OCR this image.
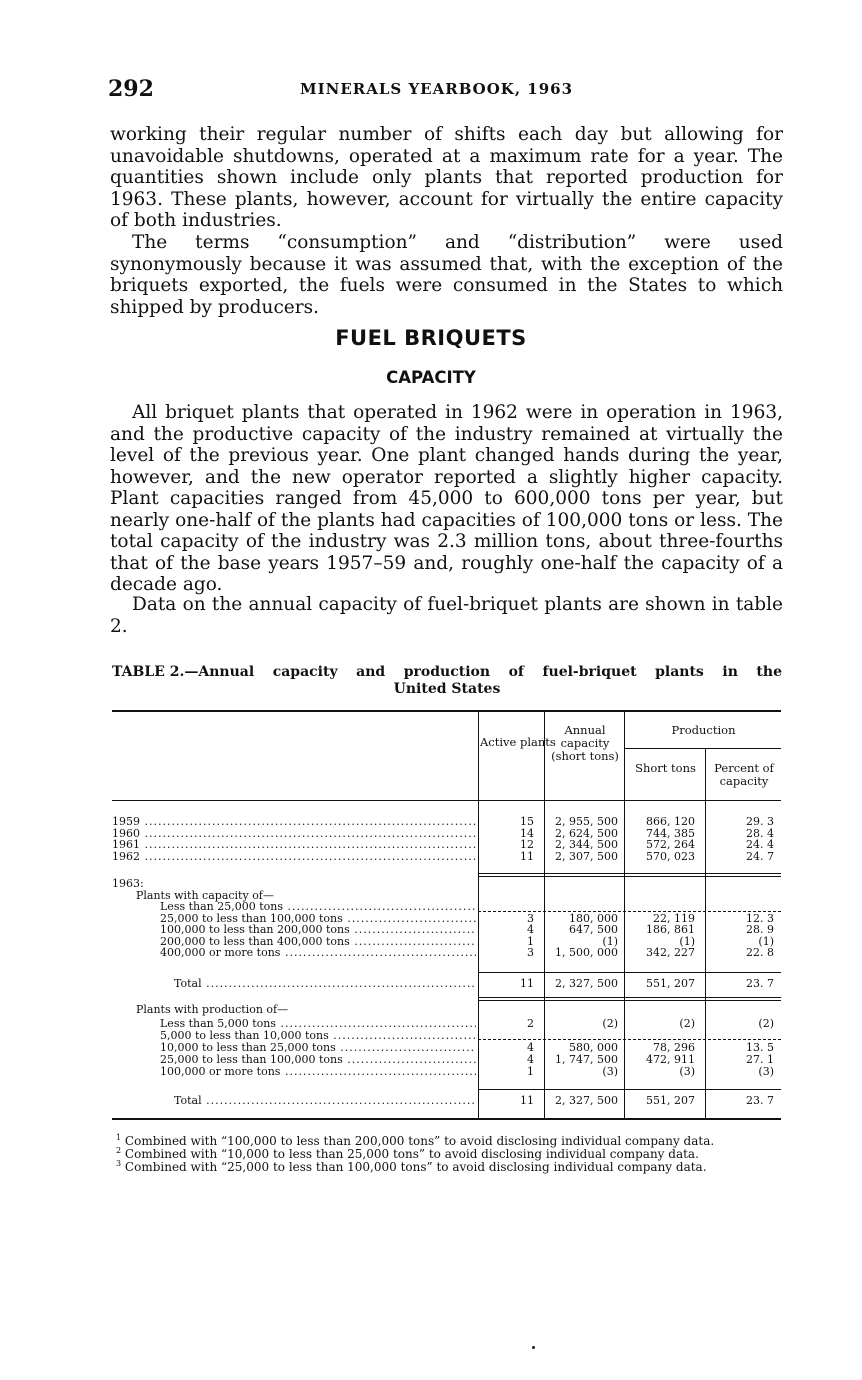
292	MINERALS YEARBOOK, 1963

working their regular number of shifts each day but allowing for unavoidable shutdowns, operated at a maximum rate for a year. The quantities shown include only plants that reported production for 1963. These plants, however, account for virtually the entire capacity of both industries.

The terms “consumption” and “distribution” were used synonymously because it was assumed that, with the exception of the briquets exported, the fuels were consumed in the States to which shipped by producers.

FUEL BRIQUETS
CAPACITY

All briquet plants that operated in 1962 were in operation in 1963, and the productive capacity of the industry remained at virtually the level of the previous year. One plant changed hands during the year, however, and the new operator reported a slightly higher capacity. Plant capacities ranged from 45,000 to 600,000 tons per year, but nearly one-half of the plants had capacities of 100,000 tons or less. The total capacity of the industry was 2.3 million tons, about three-fourths that of the base years 1957–59 and, roughly one-half the capacity of a decade ago.

Data on the annual capacity of fuel-briquet plants are shown in table 2.

TABLE 2.—Annual capacity and production of fuel-briquet plants in the
United States
Active plants
Annual capacity (short tons)
Production
Short tons	Percent of capacity
1959 .....	15	2, 955, 500	866, 120	29. 3
1960 .....	14	2, 624, 500	744, 385	28. 4
1961 .....	12	2, 344, 500	572, 264	24. 4
1962 .....	11	2, 307, 500	570, 023	24. 7
1963:
Plants with capacity of—
Less than 25,000 tons .....
25,000 to less than 100,000 tons .....	3	180, 000	22, 119	12. 3
100,000 to less than 200,000 tons .....	4	647, 500	186, 861	28. 9
200,000 to less than 400,000 tons .....	1	(1)	(1)	(1)
400,000 or more tons .....	3	1, 500, 000	342, 227	22. 8
Total .....	11	2, 327, 500	551, 207	23. 7
Plants with production of—
Less than 5,000 tons .....	2	(2)	(2)	(2)
5,000 to less than 10,000 tons .....
10,000 to less than 25,000 tons .....	4	580, 000	78, 296	13. 5
25,000 to less than 100,000 tons .....	4	1, 747, 500	472, 911	27. 1
100,000 or more tons .....	1	(3)	(3)	(3)
Total .....	11	2, 327, 500	551, 207	23. 7
$^1$ Combined with “100,000 to less than 200,000 tons” to avoid disclosing individual company data.
$^2$ Combined with “10,000 to less than 25,000 tons” to avoid disclosing individual company data.
$^3$ Combined with “25,000 to less than 100,000 tons” to avoid disclosing individual company data.
